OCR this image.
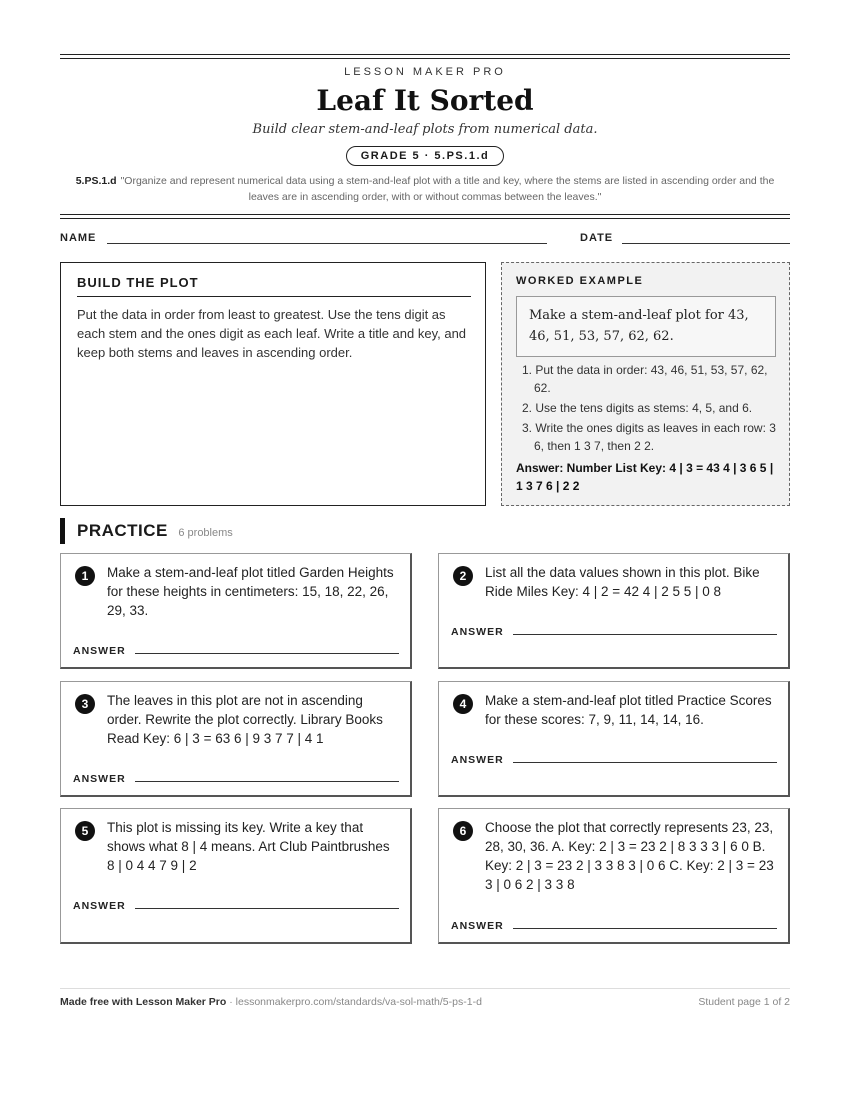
LESSON MAKER PRO
Leaf It Sorted
Build clear stem-and-leaf plots from numerical data.
GRADE 5 · 5.PS.1.d
5.PS.1.d "Organize and represent numerical data using a stem-and-leaf plot with a title and key, where the stems are listed in ascending order and the leaves are in ascending order, with or without commas between the leaves."
NAME	DATE
BUILD THE PLOT
Put the data in order from least to greatest. Use the tens digit as each stem and the ones digit as each leaf. Write a title and key, and keep both stems and leaves in ascending order.
WORKED EXAMPLE
Make a stem-and-leaf plot for 43, 46, 51, 53, 57, 62, 62.
1. Put the data in order: 43, 46, 51, 53, 57, 62, 62.
2. Use the tens digits as stems: 4, 5, and 6.
3. Write the ones digits as leaves in each row: 3 6, then 1 3 7, then 2 2.
Answer: Number List Key: 4 | 3 = 43 4 | 3 6 5 | 1 3 7 6 | 2 2
PRACTICE 6 problems
1	Make a stem-and-leaf plot titled Garden Heights for these heights in centimeters: 15, 18, 22, 26, 29, 33.
ANSWER
2	List all the data values shown in this plot. Bike Ride Miles Key: 4 | 2 = 42 4 | 2 5 5 | 0 8
ANSWER
3	The leaves in this plot are not in ascending order. Rewrite the plot correctly. Library Books Read Key: 6 | 3 = 63 6 | 9 3 7 7 | 4 1
ANSWER
4	Make a stem-and-leaf plot titled Practice Scores for these scores: 7, 9, 11, 14, 14, 16.
ANSWER
5	This plot is missing its key. Write a key that shows what 8 | 4 means. Art Club Paintbrushes 8 | 0 4 4 7 9 | 2
ANSWER
6	Choose the plot that correctly represents 23, 23, 28, 30, 36. A. Key: 2 | 3 = 23 2 | 8 3 3 3 | 6 0 B. Key: 2 | 3 = 23 2 | 3 3 8 3 | 0 6 C. Key: 2 | 3 = 23 3 | 0 6 2 | 3 3 8
ANSWER
Made free with Lesson Maker Pro · lessonmakerpro.com/standards/va-sol-math/5-ps-1-d	Student page 1 of 2
